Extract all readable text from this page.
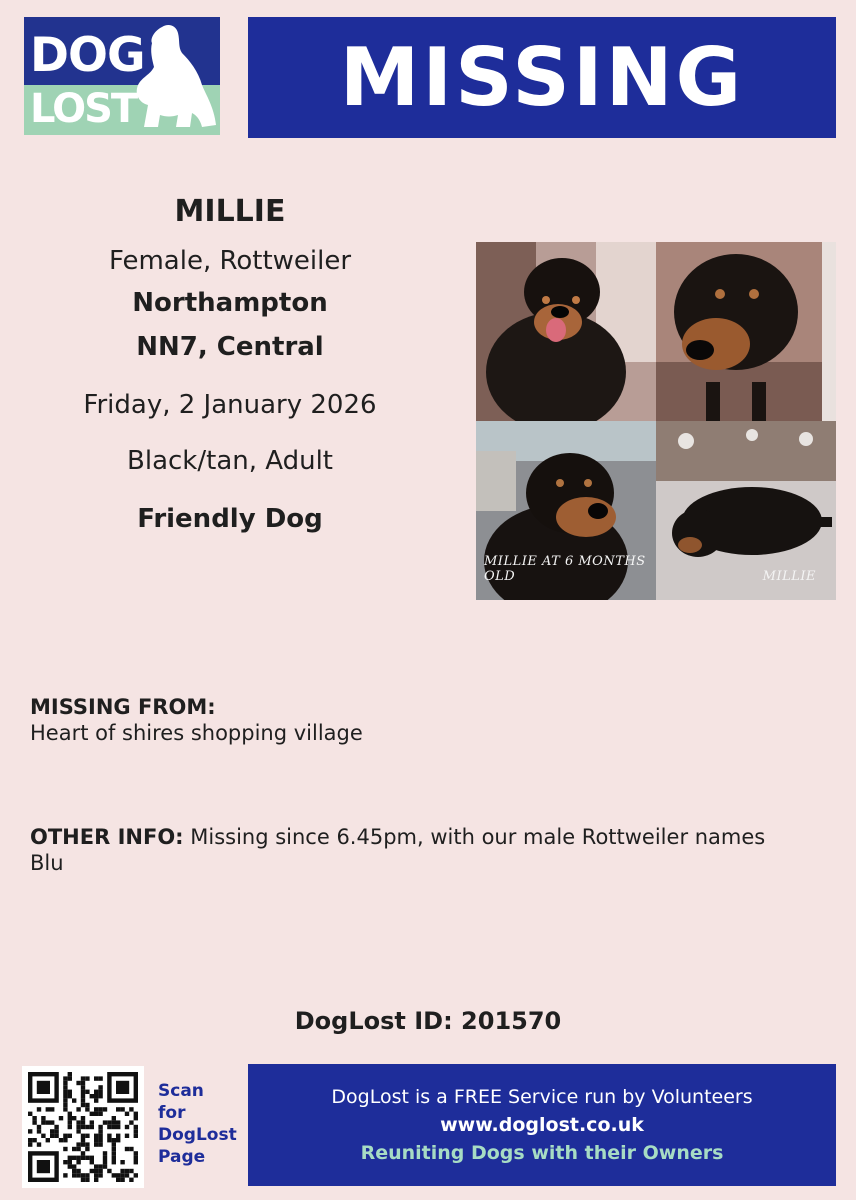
DOG
LOST	MISSING
MILLIE
Female, Rottweiler
Northampton
NN7, Central
Friday, 2 January 2026
Black/tan, Adult
Friendly Dog
MILLIE AT 6 MONTHS OLD	MILLIE
MISSING FROM:
Heart of shires shopping village
OTHER INFO: Missing since 6.45pm, with our male Rottweiler names Blu
DogLost ID: 201570
Scan
for
DogLost
Page
DogLost is a FREE Service run by Volunteers
www.doglost.co.uk
Reuniting Dogs with their Owners
